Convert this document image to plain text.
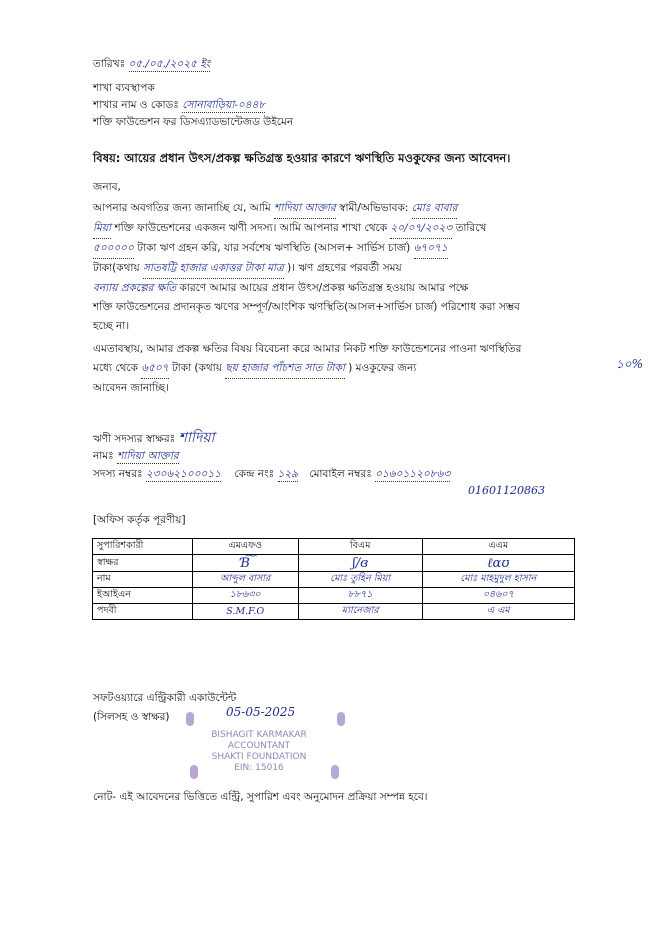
তারিখঃ ০৫./০৫./২০২৫ ইং
শাখা ব্যবস্থাপক
শাখার নাম ও কোডঃ সোনাবাড়িয়া-০৪৪৮
শক্তি ফাউন্ডেশন ফর ডিসএ্যাডভান্টেজড উইমেন
বিষয়: আয়ের প্রধান উৎস/প্রকল্প ক্ষতিগ্রস্ত হওয়ার কারণে ঋণস্থিতি মওকুফের জন্য আবেদন।
জনাব,
আপনার অবগতির জন্য জানাচ্ছি যে, আমি শাদিয়া আক্তার স্বামী/অভিভাবক: মোঃ বাবার
মিয়া শক্তি ফাউন্ডেশনের একজন ঋণী সদস্য। আমি আপনার শাখা থেকে ২০/০৭/২০২৩ তারিখে
৫০০০০০ টাকা ঋণ গ্রহন করি, যার সর্বশেষ ঋণস্থিতি (আসল+ সার্ভিস চার্জ) ৬৭০৭১
টাকা(কথায় সাতষট্টি হাজার একাত্তর টাকা মাত্র )। ঋণ গ্রহণের পরবর্তী সময়
বন্যায় প্রকল্পের ক্ষতি কারণে আমার আয়ের প্রধান উৎস/প্রকল্প ক্ষতিগ্রস্ত হওয়ায় আমার পক্ষে
শক্তি ফাউন্ডেশনের প্রদানকৃত ঋণের সম্পূর্ণ/আংশিক ঋণস্থিতি(আসল+সার্ভিস চার্জ) পরিশোধ করা সম্ভব
হচ্ছে না।
এমতাবস্থায়, আমার প্রকল্প ক্ষতির বিষয় বিবেচনা করে আমার নিকট শক্তি ফাউন্ডেশনের পাওনা ঋণস্থিতির
মধ্যে থেকে ৬৫০৭ টাকা (কথায় ছয় হাজার পাঁচশত সাত টাকা ) মওকুফের জন্য
আবেদন জানাচ্ছি।
১০%
ঋণী সদস্যর স্বাক্ষরঃ শাদিয়া
নামঃ শাদিয়া আক্তার
সদস্য নম্বরঃ ২৩০৬২১০০০১১ কেন্দ্র নংঃ ১২৯ মোবাইল নম্বরঃ ০১৬০১১২০৮৬৩
01601120863
[অফিস কর্তৃক পূরণীয়]
সুপারিশকারী	এমএফও	বিএম	এএম
স্বাক্ষর	Ɓ͠	ʃ∕ɞ	ℓɑʊ
নাম	আব্দুল বাসার	মোঃ তুহিন মিয়া	মোঃ মাহমুদুল হাসান
ইআইএন	১৮৬৩০	৮৮৭১	০৪৬০৭
পদবী	S.M.F.O	ম্যানেজার	এ এম
সফটওয়্যারে এন্ট্রিকারী একাউন্টেন্ট
(সিলসহ ও স্বাক্ষর)	05-05-2025
BISHAGIT KARMAKAR
ACCOUNTANT
SHAKTI FOUNDATION
EIN: 15016
নোট- এই আবেদনের ভিত্তিতে এন্ট্রি, সুপারিশ এবং অনুমোদন প্রক্রিয়া সম্পন্ন হবে।
